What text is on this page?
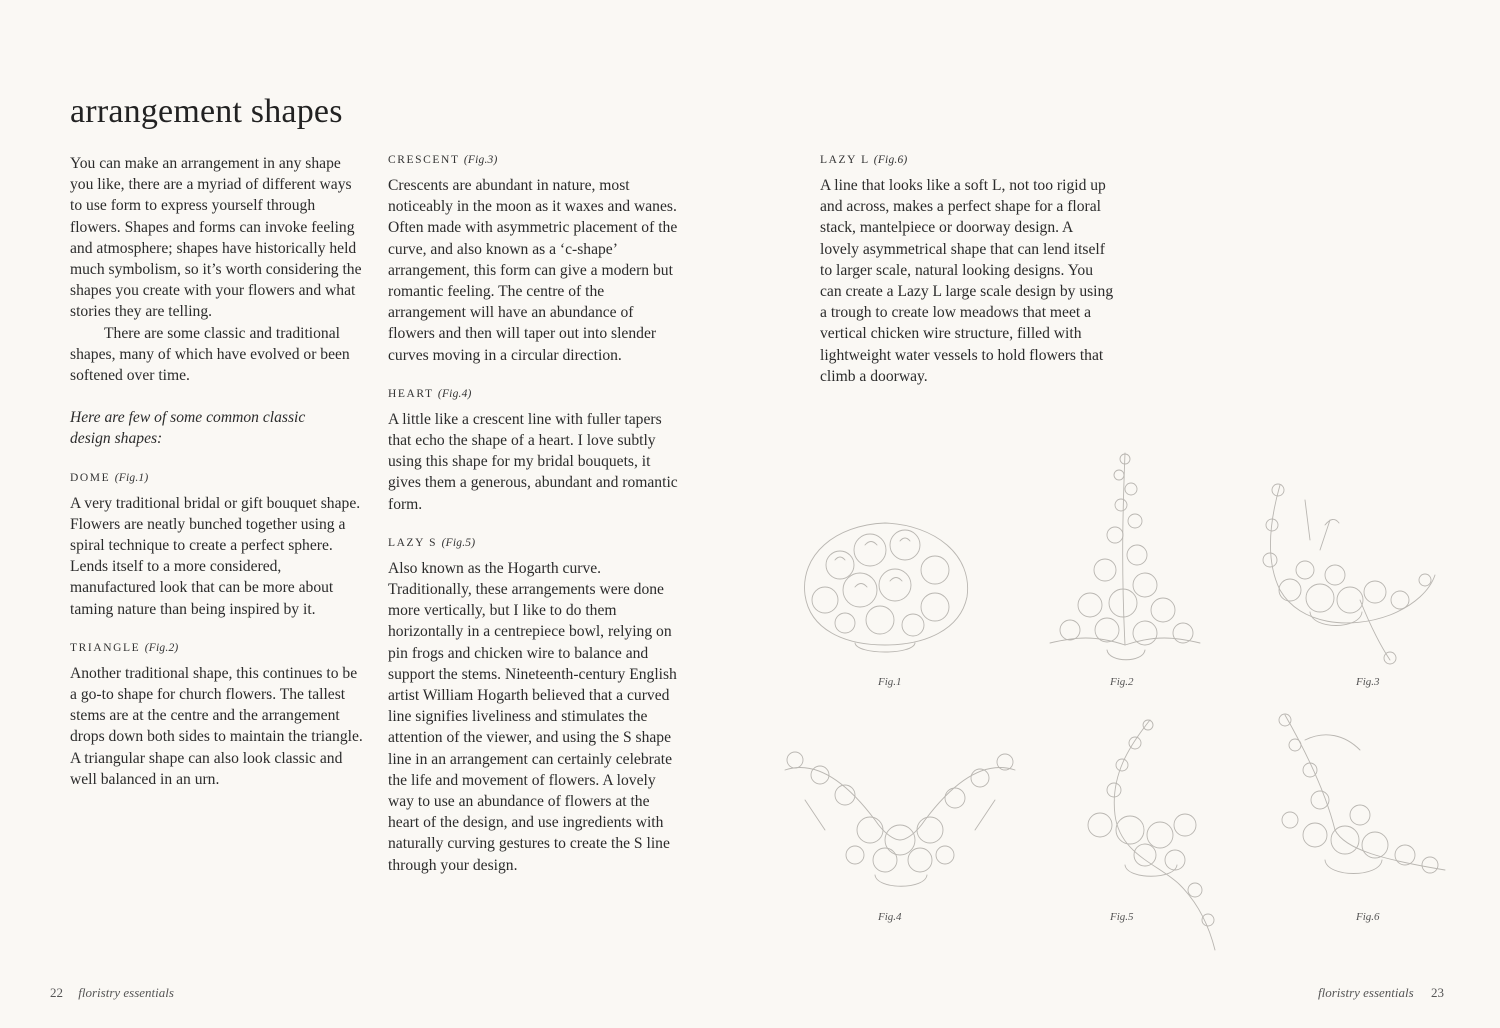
arrangement shapes

You can make an arrangement in any shape you like, there are a myriad of different ways to use form to express yourself through flowers. Shapes and forms can invoke feeling and atmosphere; shapes have historically held much symbolism, so it’s worth considering the shapes you create with your flowers and what stories they are telling.

There are some classic and traditional shapes, many of which have evolved or been softened over time.

Here are few of some common classic design shapes:

DOME (Fig.1)

A very traditional bridal or gift bouquet shape. Flowers are neatly bunched together using a spiral technique to create a perfect sphere. Lends itself to a more considered, manufactured look that can be more about taming nature than being inspired by it.

TRIANGLE (Fig.2)

Another traditional shape, this continues to be a go-to shape for church flowers. The tallest stems are at the centre and the arrangement drops down both sides to maintain the triangle. A triangular shape can also look classic and well balanced in an urn.

CRESCENT (Fig.3)

Crescents are abundant in nature, most noticeably in the moon as it waxes and wanes. Often made with asymmetric placement of the curve, and also known as a ‘c-shape’ arrangement, this form can give a modern but romantic feeling. The centre of the arrangement will have an abundance of flowers and then will taper out into slender curves moving in a circular direction.

HEART (Fig.4)

A little like a crescent line with fuller tapers that echo the shape of a heart. I love subtly using this shape for my bridal bouquets, it gives them a generous, abundant and romantic form.

LAZY S (Fig.5)

Also known as the Hogarth curve. Traditionally, these arrangements were done more vertically, but I like to do them horizontally in a centrepiece bowl, relying on pin frogs and chicken wire to balance and support the stems. Nineteenth-century English artist William Hogarth believed that a curved line signifies liveliness and stimulates the attention of the viewer, and using the S shape line in an arrangement can certainly celebrate the life and movement of flowers. A lovely way to use an abundance of flowers at the heart of the design, and use ingredients with naturally curving gestures to create the S line through your design.

LAZY L (Fig.6)

A line that looks like a soft L, not too rigid up and across, makes a perfect shape for a floral stack, mantelpiece or doorway design. A lovely asymmetrical shape that can lend itself to larger scale, natural looking designs. You can create a Lazy L large scale design by using a trough to create low meadows that meet a vertical chicken wire structure, filled with lightweight water vessels to hold flowers that climb a doorway.

Fig.1	Fig.2	Fig.3
Fig.4	Fig.5	Fig.6
22 floristry essentials	floristry essentials 23
